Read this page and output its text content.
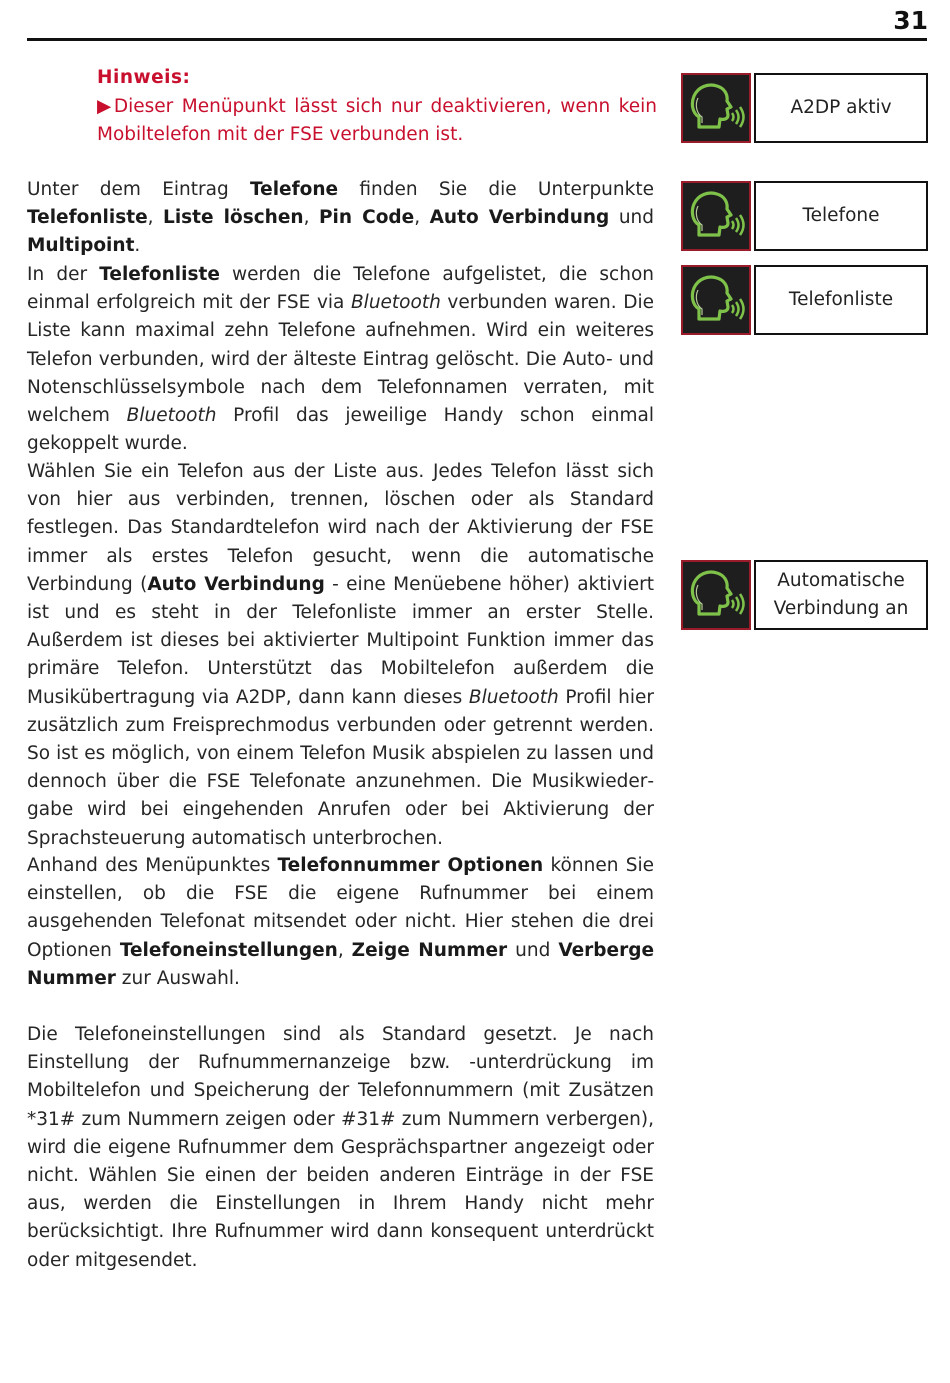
31
Hinweis:
▶Dieser Menüpunkt lässt sich nur deaktivieren, wenn kein Mobiltelefon mit der FSE verbunden ist.
Unter dem Eintrag Telefone finden Sie die Unterpunkte Telefonliste, Liste löschen, Pin Code, Auto Verbindung und Multipoint.
In der Telefonliste werden die Telefone aufgelistet, die schon einmal erfolgreich mit der FSE via Bluetooth verbunden waren. Die Liste kann maximal zehn Telefone aufnehmen. Wird ein weiteres Telefon verbunden, wird der älteste Eintrag gelöscht. Die Auto- und Notenschlüsselsymbole nach dem Telefonnamen verraten, mit welchem Bluetooth Profil das jeweilige Handy schon einmal gekoppelt wurde.
Wählen Sie ein Telefon aus der Liste aus. Jedes Telefon lässt sich von hier aus verbinden, trennen, löschen oder als Standard festlegen. Das Standardtelefon wird nach der Aktivierung der FSE immer als erstes Telefon gesucht, wenn die automatische Verbindung (Auto Verbindung - eine Menüebene höher) aktiviert ist und es steht in der Telefonliste immer an erster Stelle. Außerdem ist dieses bei aktivierter Multipoint Funktion immer das primäre Telefon. Unterstützt das Mobiltelefon außerdem die Musikübertragung via A2DP, dann kann dieses Bluetooth Profil hier zusätzlich zum Freisprechmodus verbunden oder getrennt werden. So ist es möglich, von einem Telefon Musik abspielen zu lassen und dennoch über die FSE Telefonate anzunehmen. Die Musikwiedergabe wird bei eingehenden Anrufen oder bei Aktivierung der Sprachsteuerung automatisch unterbrochen.
Anhand des Menüpunktes Telefonnummer Optionen können Sie einstellen, ob die FSE die eigene Rufnummer bei einem ausgehenden Telefonat mitsendet oder nicht. Hier stehen die drei Optionen Telefoneinstellungen, Zeige Nummer und Verberge Nummer zur Auswahl.
Die Telefoneinstellungen sind als Standard gesetzt. Je nach Einstellung der Rufnummernanzeige bzw. -unterdrückung im Mobiltelefon und Speicherung der Telefonnummern (mit Zusätzen *31# zum Nummern zeigen oder #31# zum Nummern verbergen), wird die eigene Rufnummer dem Gesprächspartner angezeigt oder nicht. Wählen Sie einen der beiden anderen Einträge in der FSE aus, werden die Einstellungen in Ihrem Handy nicht mehr berücksichtigt. Ihre Rufnummer wird dann konsequent unterdrückt oder mitgesendet.
A2DP aktiv
Telefone
Telefonliste
Automatische Verbindung an
